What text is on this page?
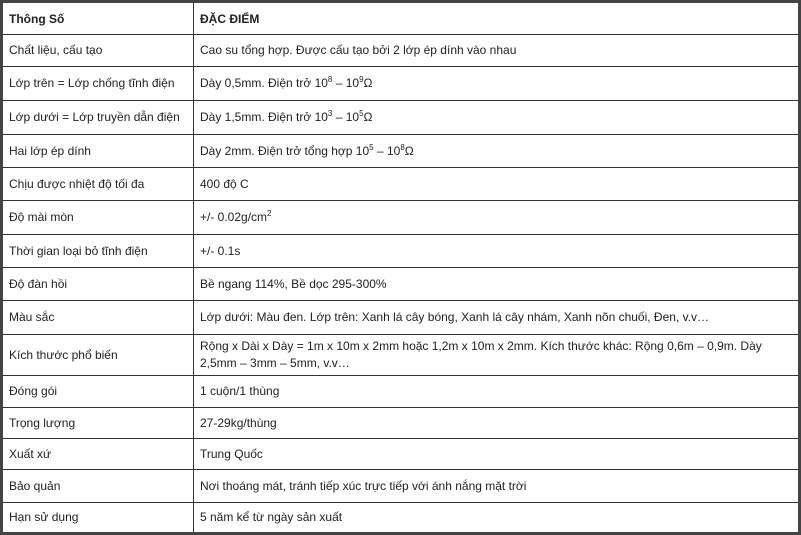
Thông Số	ĐẶC ĐIỂM
Chất liệu, cấu tạo	Cao su tổng hợp. Được cấu tạo bởi 2 lớp ép dính vào nhau
Lớp trên = Lớp chống tĩnh điện	Dày 0,5mm. Điện trở $10^8 - 10^9\Omega$
Lớp dưới = Lớp truyền dẫn điện	Dày 1,5mm. Điện trở $10^3 - 10^5\Omega$
Hai lớp ép dính	Dày 2mm. Điện trở tổng hợp $10^5 - 10^8\Omega$
Chịu được nhiệt độ tối đa	400 độ C
Độ mài mòn	+/- $0.02g/cm^2$
Thời gian loại bỏ tĩnh điện	+/- 0.1s
Độ đàn hồi	Bề ngang 114%, Bề dọc 295-300%
Màu sắc	Lớp dưới: Màu đen. Lớp trên: Xanh lá cây bóng, Xanh lá cây nhám, Xanh nõn chuối, Đen, v.v…
Kích thước phổ biến	Rộng x Dài x Dày = 1m x 10m x 2mm hoặc 1,2m x 10m x 2mm. Kích thước khác: Rộng 0,6m – 0,9m. Dày 2,5mm – 3mm – 5mm, v.v…
Đóng gói	1 cuộn/1 thùng
Trọng lượng	27-29kg/thùng
Xuất xứ	Trung Quốc
Bảo quản	Nơi thoáng mát, tránh tiếp xúc trực tiếp với ánh nắng mặt trời
Hạn sử dụng	5 năm kể từ ngày sản xuất
